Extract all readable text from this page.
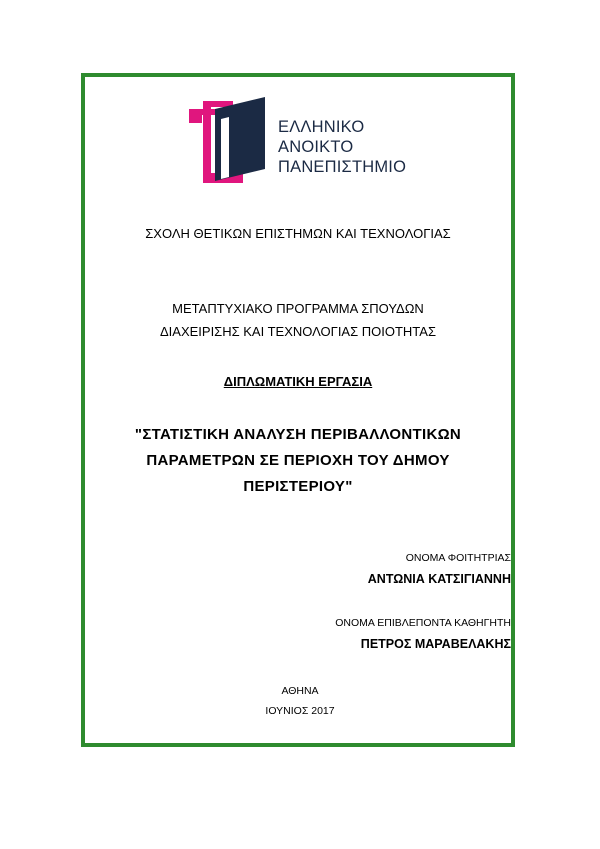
ΕΛΛΗΝΙΚΟ
ΑΝΟΙΚΤΟ
ΠΑΝΕΠΙΣΤΗΜΙΟ
ΣΧΟΛΗ ΘΕΤΙΚΩΝ ΕΠΙΣΤΗΜΩΝ ΚΑΙ ΤΕΧΝΟΛΟΓΙΑΣ
ΜΕΤΑΠΤΥΧΙΑΚΟ ΠΡΟΓΡΑΜΜΑ ΣΠΟΥΔΩΝ
ΔΙΑΧΕΙΡΙΣΗΣ ΚΑΙ ΤΕΧΝΟΛΟΓΙΑΣ ΠΟΙΟΤΗΤΑΣ
ΔΙΠΛΩΜΑΤΙΚΗ ΕΡΓΑΣΙΑ
"ΣΤΑΤΙΣΤΙΚΗ ΑΝΑΛΥΣΗ ΠΕΡΙΒΑΛΛΟΝΤΙΚΩΝ
ΠΑΡΑΜΕΤΡΩΝ ΣΕ ΠΕΡΙΟΧΗ ΤΟΥ ΔΗΜΟΥ
ΠΕΡΙΣΤΕΡΙΟΥ"
ΟΝΟΜΑ ΦΟΙΤΗΤΡΙΑΣ
ΑΝΤΩΝΙΑ ΚΑΤΣΙΓΙΑΝΝΗ
ΟΝΟΜΑ ΕΠΙΒΛΕΠΟΝΤΑ ΚΑΘΗΓΗΤΗ
ΠΕΤΡΟΣ ΜΑΡΑΒΕΛΑΚΗΣ
ΑΘΗΝΑ
ΙΟΥΝΙΟΣ 2017
